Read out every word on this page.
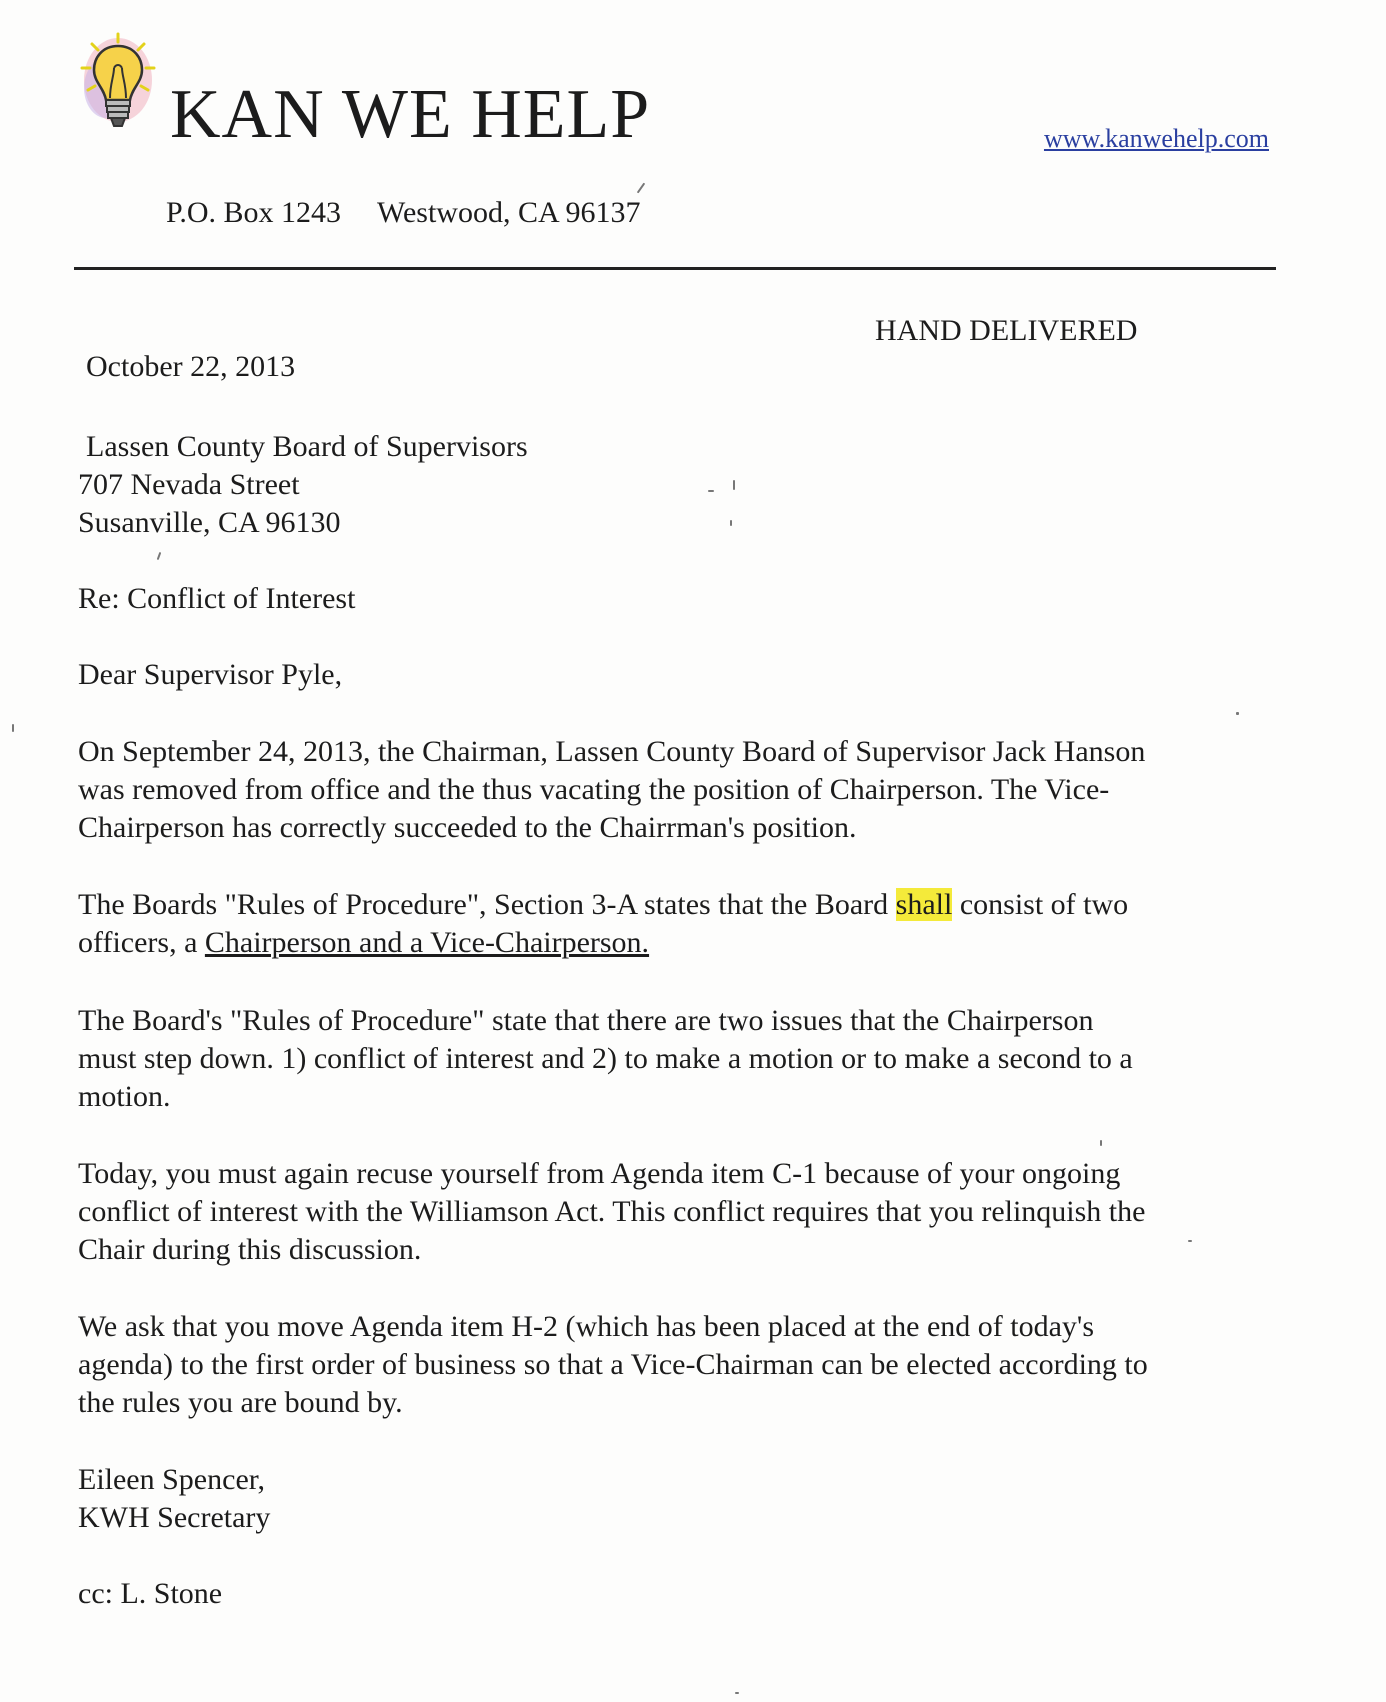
KAN WE HELP	www.kanwehelp.com
P.O. Box 1243 Westwood, CA 96137
HAND DELIVERED
October 22, 2013
Lassen County Board of Supervisors
707 Nevada Street
Susanville, CA 96130

Re: Conflict of Interest

Dear Supervisor Pyle,

On September 24, 2013, the Chairman, Lassen County Board of Supervisor Jack Hanson

was removed from office and the thus vacating the position of Chairperson. The Vice-

Chairperson has correctly succeeded to the Chairrman's position.

The Boards "Rules of Procedure", Section 3-A states that the Board shall consist of two

officers, a Chairperson and a Vice-Chairperson.

The Board's "Rules of Procedure" state that there are two issues that the Chairperson

must step down. 1) conflict of interest and 2) to make a motion or to make a second to a

motion.

Today, you must again recuse yourself from Agenda item C-1 because of your ongoing

conflict of interest with the Williamson Act. This conflict requires that you relinquish the

Chair during this discussion.

We ask that you move Agenda item H-2 (which has been placed at the end of today's

agenda) to the first order of business so that a Vice-Chairman can be elected according to

the rules you are bound by.

Eileen Spencer,

KWH Secretary

cc: L. Stone
